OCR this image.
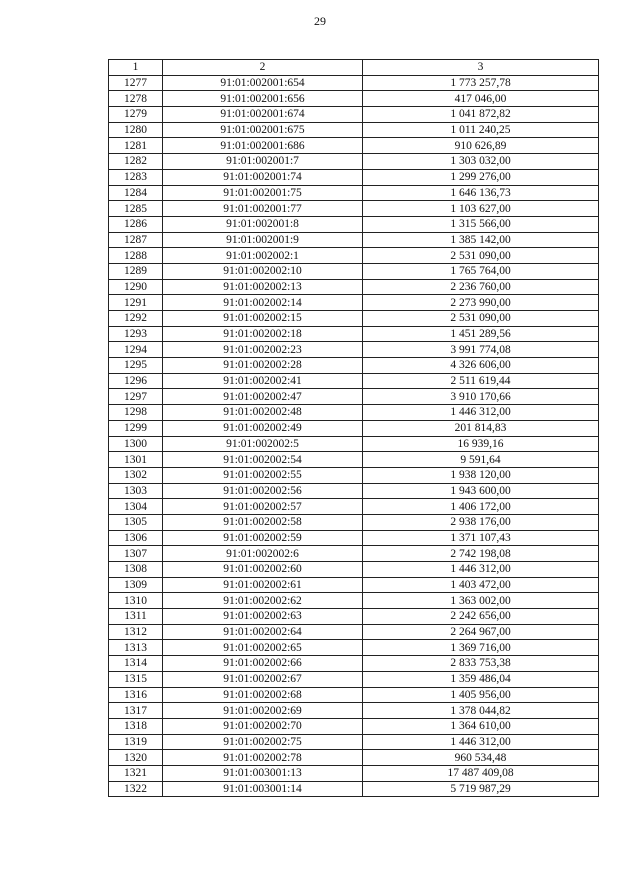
29
1	2	3
1277	91:01:002001:654	1 773 257,78
1278	91:01:002001:656	417 046,00
1279	91:01:002001:674	1 041 872,82
1280	91:01:002001:675	1 011 240,25
1281	91:01:002001:686	910 626,89
1282	91:01:002001:7	1 303 032,00
1283	91:01:002001:74	1 299 276,00
1284	91:01:002001:75	1 646 136,73
1285	91:01:002001:77	1 103 627,00
1286	91:01:002001:8	1 315 566,00
1287	91:01:002001:9	1 385 142,00
1288	91:01:002002:1	2 531 090,00
1289	91:01:002002:10	1 765 764,00
1290	91:01:002002:13	2 236 760,00
1291	91:01:002002:14	2 273 990,00
1292	91:01:002002:15	2 531 090,00
1293	91:01:002002:18	1 451 289,56
1294	91:01:002002:23	3 991 774,08
1295	91:01:002002:28	4 326 606,00
1296	91:01:002002:41	2 511 619,44
1297	91:01:002002:47	3 910 170,66
1298	91:01:002002:48	1 446 312,00
1299	91:01:002002:49	201 814,83
1300	91:01:002002:5	16 939,16
1301	91:01:002002:54	9 591,64
1302	91:01:002002:55	1 938 120,00
1303	91:01:002002:56	1 943 600,00
1304	91:01:002002:57	1 406 172,00
1305	91:01:002002:58	2 938 176,00
1306	91:01:002002:59	1 371 107,43
1307	91:01:002002:6	2 742 198,08
1308	91:01:002002:60	1 446 312,00
1309	91:01:002002:61	1 403 472,00
1310	91:01:002002:62	1 363 002,00
1311	91:01:002002:63	2 242 656,00
1312	91:01:002002:64	2 264 967,00
1313	91:01:002002:65	1 369 716,00
1314	91:01:002002:66	2 833 753,38
1315	91:01:002002:67	1 359 486,04
1316	91:01:002002:68	1 405 956,00
1317	91:01:002002:69	1 378 044,82
1318	91:01:002002:70	1 364 610,00
1319	91:01:002002:75	1 446 312,00
1320	91:01:002002:78	960 534,48
1321	91:01:003001:13	17 487 409,08
1322	91:01:003001:14	5 719 987,29
